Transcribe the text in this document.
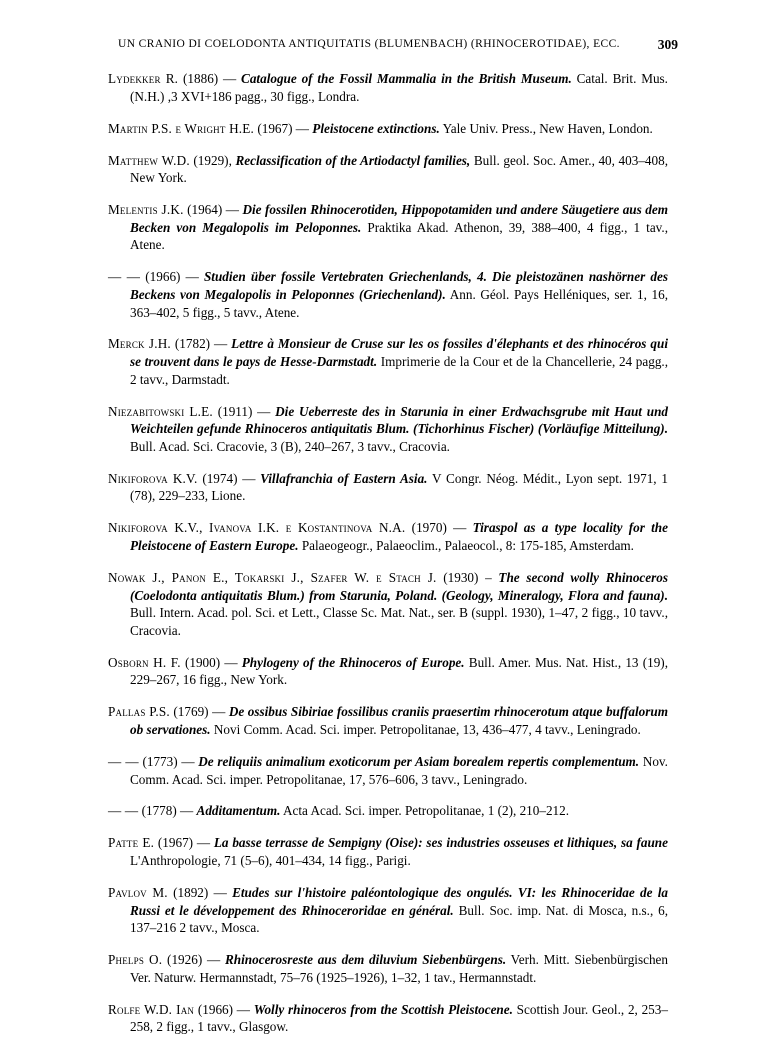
UN CRANIO DI COELODONTA ANTIQUITATIS (BLUMENBACH) (RHINOCEROTIDAE), ECC.	309

Lydekker R. (1886) — Catalogue of the Fossil Mammalia in the British Museum. Catal. Brit. Mus. (N.H.) ,3 XVI+186 pagg., 30 figg., Londra.

Martin P.S. e Wright H.E. (1967) — Pleistocene extinctions. Yale Univ. Press., New Haven, London.

Matthew W.D. (1929), Reclassification of the Artiodactyl families, Bull. geol. Soc. Amer., 40, 403–408, New York.

Melentis J.K. (1964) — Die fossilen Rhinocerotiden, Hippopotamiden und andere Säugetiere aus dem Becken von Megalopolis im Peloponnes. Praktika Akad. Athenon, 39, 388–400, 4 figg., 1 tav., Atene.

— — (1966) — Studien über fossile Vertebraten Griechenlands, 4. Die pleistozänen nashörner des Beckens von Megalopolis in Peloponnes (Griechenland). Ann. Géol. Pays Helléniques, ser. 1, 16, 363–402, 5 figg., 5 tavv., Atene.

Merck J.H. (1782) — Lettre à Monsieur de Cruse sur les os fossiles d'élephants et des rhinocéros qui se trouvent dans le pays de Hesse-Darmstadt. Imprimerie de la Cour et de la Chancellerie, 24 pagg., 2 tavv., Darmstadt.

Niezabitowski L.E. (1911) — Die Ueberreste des in Starunia in einer Erdwachsgrube mit Haut und Weichteilen gefunde Rhinoceros antiquitatis Blum. (Tichorhinus Fischer) (Vorläufige Mitteilung). Bull. Acad. Sci. Cracovie, 3 (B), 240–267, 3 tavv., Cracovia.

Nikiforova K.V. (1974) — Villafranchia of Eastern Asia. V Congr. Néog. Médit., Lyon sept. 1971, 1 (78), 229–233, Lione.

Nikiforova K.V., Ivanova I.K. e Kostantinova N.A. (1970) — Tiraspol as a type locality for the Pleistocene of Eastern Europe. Palaeogeogr., Palaeoclim., Palaeocol., 8: 175-185, Amsterdam.

Nowak J., Panon E., Tokarski J., Szafer W. e Stach J. (1930) – The second wolly Rhinoceros (Coelodonta antiquitatis Blum.) from Starunia, Poland. (Geology, Mineralogy, Flora and fauna). Bull. Intern. Acad. pol. Sci. et Lett., Classe Sc. Mat. Nat., ser. B (suppl. 1930), 1–47, 2 figg., 10 tavv., Cracovia.

Osborn H. F. (1900) — Phylogeny of the Rhinoceros of Europe. Bull. Amer. Mus. Nat. Hist., 13 (19), 229–267, 16 figg., New York.

Pallas P.S. (1769) — De ossibus Sibiriae fossilibus craniis praesertim rhinocerotum atque buffalorum ob servationes. Novi Comm. Acad. Sci. imper. Petropolitanae, 13, 436–477, 4 tavv., Leningrado.

— — (1773) — De reliquiis animalium exoticorum per Asiam borealem repertis complementum. Nov. Comm. Acad. Sci. imper. Petropolitanae, 17, 576–606, 3 tavv., Leningrado.

— — (1778) — Additamentum. Acta Acad. Sci. imper. Petropolitanae, 1 (2), 210–212.

Patte E. (1967) — La basse terrasse de Sempigny (Oise): ses industries osseuses et lithiques, sa faune L'Anthropologie, 71 (5–6), 401–434, 14 figg., Parigi.

Pavlov M. (1892) — Etudes sur l'histoire paléontologique des ongulés. VI: les Rhinoceridae de la Russi et le développement des Rhinoceroridae en général. Bull. Soc. imp. Nat. di Mosca, n.s., 6, 137–216 2 tavv., Mosca.

Phelps O. (1926) — Rhinocerosreste aus dem diluvium Siebenbürgens. Verh. Mitt. Siebenbürgischen Ver. Naturw. Hermannstadt, 75–76 (1925–1926), 1–32, 1 tav., Hermannstadt.

Rolfe W.D. Ian (1966) — Wolly rhinoceros from the Scottish Pleistocene. Scottish Jour. Geol., 2, 253–258, 2 figg., 1 tavv., Glasgow.
